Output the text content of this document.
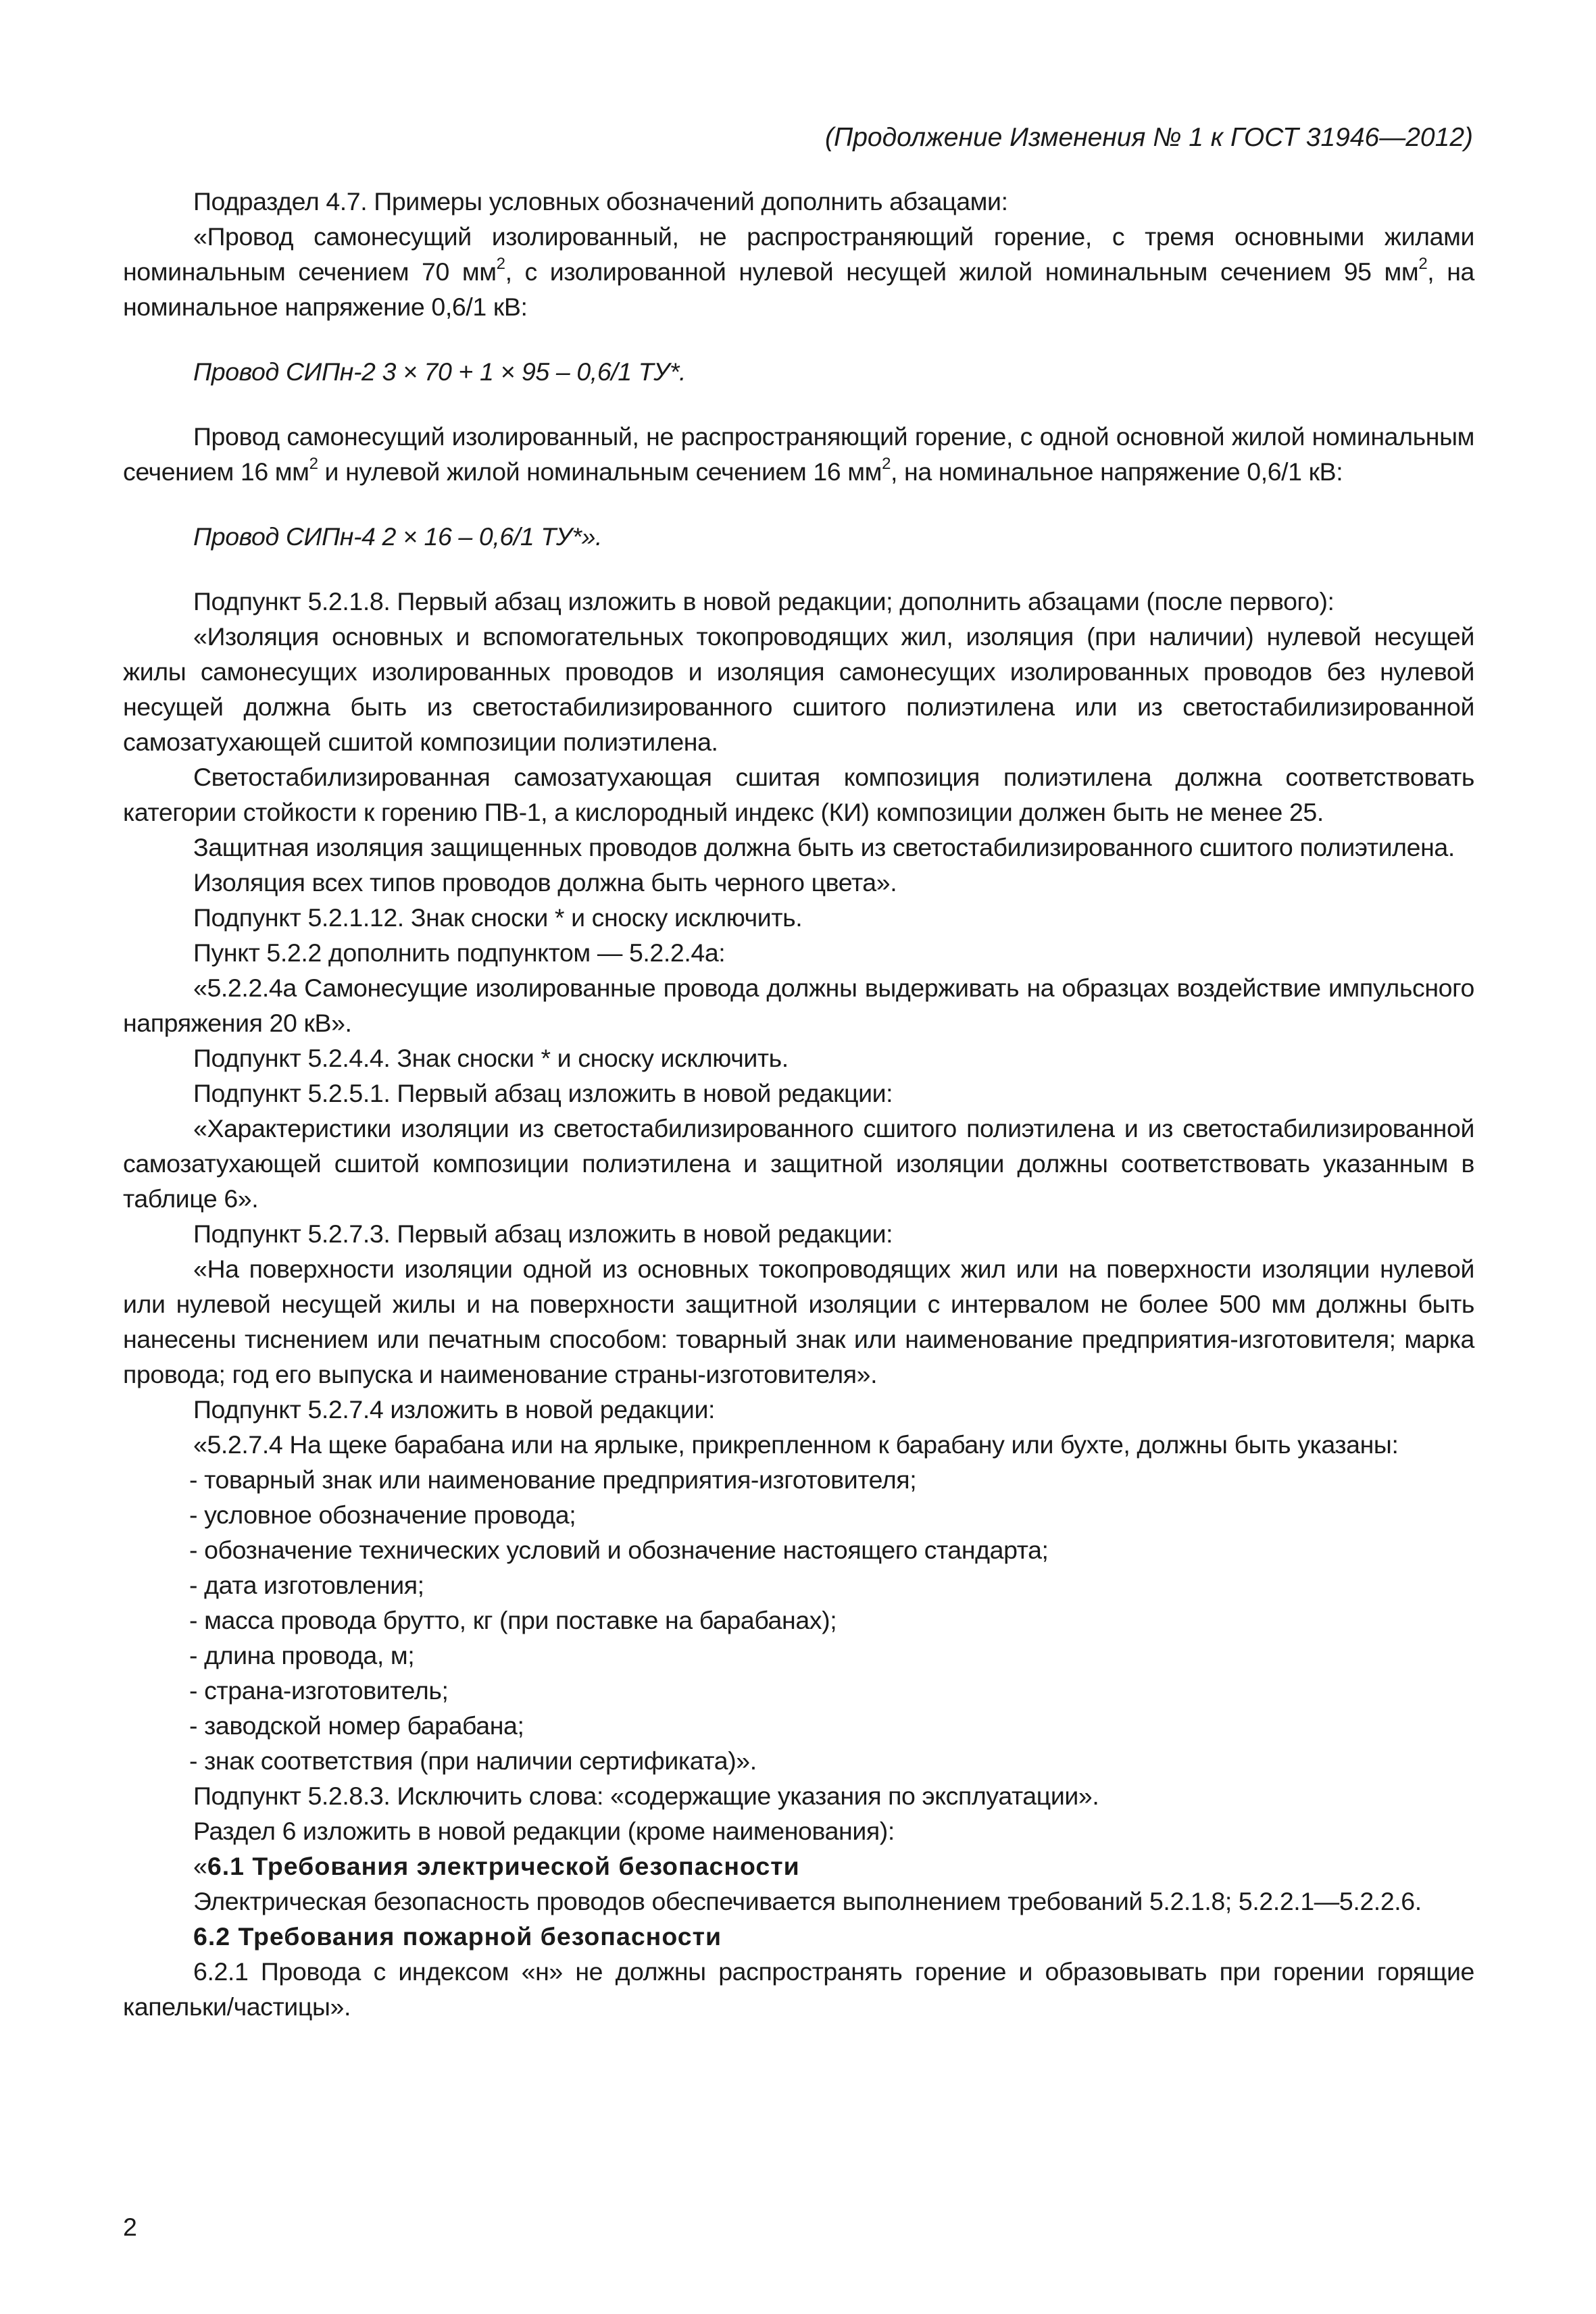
(Продолжение Изменения № 1 к ГОСТ 31946—2012)

Подраздел 4.7. Примеры условных обозначений дополнить абзацами:

«Провод самонесущий изолированный, не распространяющий горение, с тремя основными жилами номинальным сечением 70 $мм^2$, с изолированной нулевой несущей жилой номинальным сечением 95 $мм^2$, на номинальное напряжение 0,6/1 кВ:

Провод СИПн-2 3 × 70 + 1 × 95 – 0,6/1 ТУ*.

Провод самонесущий изолированный, не распространяющий горение, с одной основной жилой номинальным сечением 16 $мм^2$ и нулевой жилой номинальным сечением 16 $мм^2$, на номинальное напряжение 0,6/1 кВ:

Провод СИПн-4 2 × 16 – 0,6/1 ТУ*».

Подпункт 5.2.1.8. Первый абзац изложить в новой редакции; дополнить абзацами (после первого):

«Изоляция основных и вспомогательных токопроводящих жил, изоляция (при наличии) нулевой несущей жилы самонесущих изолированных проводов и изоляция самонесущих изолированных проводов без нулевой несущей должна быть из светостабилизированного сшитого полиэтилена или из светостабилизированной самозатухающей сшитой композиции полиэтилена.

Светостабилизированная самозатухающая сшитая композиция полиэтилена должна соответствовать категории стойкости к горению ПВ-1, а кислородный индекс (КИ) композиции должен быть не менее 25.

Защитная изоляция защищенных проводов должна быть из светостабилизированного сшитого полиэтилена.

Изоляция всех типов проводов должна быть черного цвета».

Подпункт 5.2.1.12. Знак сноски * и сноску исключить.

Пункт 5.2.2 дополнить подпунктом — 5.2.2.4а:

«5.2.2.4а Самонесущие изолированные провода должны выдерживать на образцах воздействие импульсного напряжения 20 кВ».

Подпункт 5.2.4.4. Знак сноски * и сноску исключить.

Подпункт 5.2.5.1. Первый абзац изложить в новой редакции:

«Характеристики изоляции из светостабилизированного сшитого полиэтилена и из светостабилизированной самозатухающей сшитой композиции полиэтилена и защитной изоляции должны соответствовать указанным в таблице 6».

Подпункт 5.2.7.3. Первый абзац изложить в новой редакции:

«На поверхности изоляции одной из основных токопроводящих жил или на поверхности изоляции нулевой или нулевой несущей жилы и на поверхности защитной изоляции с интервалом не более 500 мм должны быть нанесены тиснением или печатным способом: товарный знак или наименование предприятия-изготовителя; марка провода; год его выпуска и наименование страны-изготовителя».

Подпункт 5.2.7.4 изложить в новой редакции:

«5.2.7.4 На щеке барабана или на ярлыке, прикрепленном к барабану или бухте, должны быть указаны:

- товарный знак или наименование предприятия-изготовителя;

- условное обозначение провода;

- обозначение технических условий и обозначение настоящего стандарта;

- дата изготовления;

- масса провода брутто, кг (при поставке на барабанах);

- длина провода, м;

- страна-изготовитель;

- заводской номер барабана;

- знак соответствия (при наличии сертификата)».

Подпункт 5.2.8.3. Исключить слова: «содержащие указания по эксплуатации».

Раздел 6 изложить в новой редакции (кроме наименования):

«6.1 Требования электрической безопасности

Электрическая безопасность проводов обеспечивается выполнением требований 5.2.1.8; 5.2.2.1—5.2.2.6.

6.2 Требования пожарной безопасности

6.2.1 Провода с индексом «н» не должны распространять горение и образовывать при горении горящие капельки/частицы».

2
